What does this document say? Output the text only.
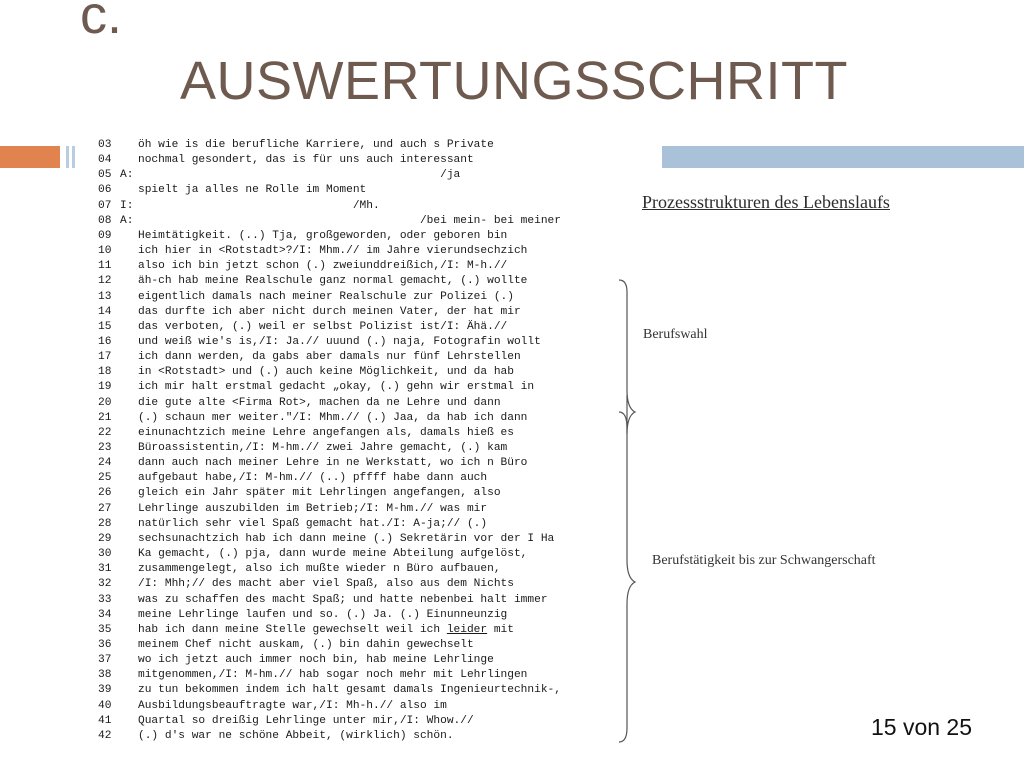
c.
AUSWERTUNGSSCHRITT
03 öh wie is die berufliche Karriere, und auch s Private
04 nochmal gesondert, das is für uns auch interessant
05 A:                                             /ja
06 spielt ja alles ne Rolle im Moment
07 I:                                /Mh.
08 A:                                          /bei mein- bei meiner
09 Heimtätigkeit. (..) Tja, großgeworden, oder geboren bin
10 ich hier in <Rotstadt>?/I: Mhm.// im Jahre vierundsechzich
11 also ich bin jetzt schon (.) zweiunddreißich,/I: M-h.//
12 äh-ch hab meine Realschule ganz normal gemacht, (.) wollte
13 eigentlich damals nach meiner Realschule zur Polizei (.)
14 das durfte ich aber nicht durch meinen Vater, der hat mir
15 das verboten, (.) weil er selbst Polizist ist/I: Ähä.//
16 und weiß wie's is,/I: Ja.// uuund (.) naja, Fotografin wollt
17 ich dann werden, da gabs aber damals nur fünf Lehrstellen
18 in <Rotstadt> und (.) auch keine Möglichkeit, und da hab
19 ich mir halt erstmal gedacht „okay, (.) gehn wir erstmal in
20 die gute alte <Firma Rot>, machen da ne Lehre und dann
21 (.) schaun mer weiter."/I: Mhm.// (.) Jaa, da hab ich dann
22 einunachtzich meine Lehre angefangen als, damals hieß es
23 Büroassistentin,/I: M-hm.// zwei Jahre gemacht, (.) kam
24 dann auch nach meiner Lehre in ne Werkstatt, wo ich n Büro
25 aufgebaut habe,/I: M-hm.// (..) pffff habe dann auch
26 gleich ein Jahr später mit Lehrlingen angefangen, also
27 Lehrlinge auszubilden im Betrieb;/I: M-hm.// was mir
28 natürlich sehr viel Spaß gemacht hat./I: A-ja;// (.)
29 sechsunachtzich hab ich dann meine (.) Sekretärin vor der I Ha
30 Ka gemacht, (.) pja, dann wurde meine Abteilung aufgelöst,
31 zusammengelegt, also ich mußte wieder n Büro aufbauen,
32 /I: Mhh;// des macht aber viel Spaß, also aus dem Nichts
33 was zu schaffen des macht Spaß; und hatte nebenbei halt immer
34 meine Lehrlinge laufen und so. (.) Ja. (.) Einunneunzig
35 hab ich dann meine Stelle gewechselt weil ich leider mit
36 meinem Chef nicht auskam, (.) bin dahin gewechselt
37 wo ich jetzt auch immer noch bin, hab meine Lehrlinge
38 mitgenommen,/I: M-hm.// hab sogar noch mehr mit Lehrlingen
39 zu tun bekommen indem ich halt gesamt damals Ingenieurtechnik-,
40 Ausbildungsbeauftragte war,/I: Mh-h.// also im
41 Quartal so dreißig Lehrlinge unter mir,/I: Whow.//
42 (.) d's war ne schöne Abbeit, (wirklich) schön.
Prozessstrukturen des Lebenslaufs
Berufswahl
Berufstätigkeit bis zur Schwangerschaft
15 von 25
